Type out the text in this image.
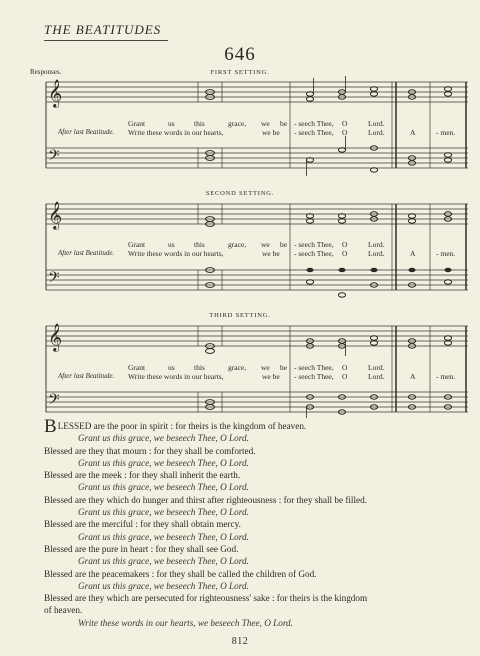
THE BEATITUDES
646
Responses.	FIRST SETTING.
𝄞
𝄢
Grant	us	this	grace, we be - seech Thee, O	Lord.
After last Beatitude. Write these words in our hearts,	we be - seech Thee, O	Lord.	A	- men.
SECOND SETTING.
𝄞
𝄢
Grant	us	this	grace, we be - seech Thee, O	Lord.
After last Beatitude. Write these words in our hearts,	we be - seech Thee, O	Lord.	A	- men.
THIRD SETTING.
𝄞
𝄢
Grant	us	this	grace, we be - seech Thee, O	Lord.
After last Beatitude. Write these words in our hearts,	we be - seech Thee, O	Lord.	A	- men.
BLESSED are the poor in spirit : for theirs is the kingdom of heaven.
Grant us this grace, we beseech Thee, O Lord.
Blessed are they that mourn : for they shall be comforted.
Grant us this grace, we beseech Thee, O Lord.
Blessed are the meek : for they shall inherit the earth.
Grant us this grace, we beseech Thee, O Lord.
Blessed are they which do hunger and thirst after righteousness : for they shall be filled.
Grant us this grace, we beseech Thee, O Lord.
Blessed are the merciful : for they shall obtain mercy.
Grant us this grace, we beseech Thee, O Lord.
Blessed are the pure in heart : for they shall see God.
Grant us this grace, we beseech Thee, O Lord.
Blessed are the peacemakers : for they shall be called the children of God.
Grant us this grace, we beseech Thee, O Lord.
Blessed are they which are persecuted for righteousness' sake : for theirs is the kingdom
of heaven.
Write these words in our hearts, we beseech Thee, O Lord.
812
